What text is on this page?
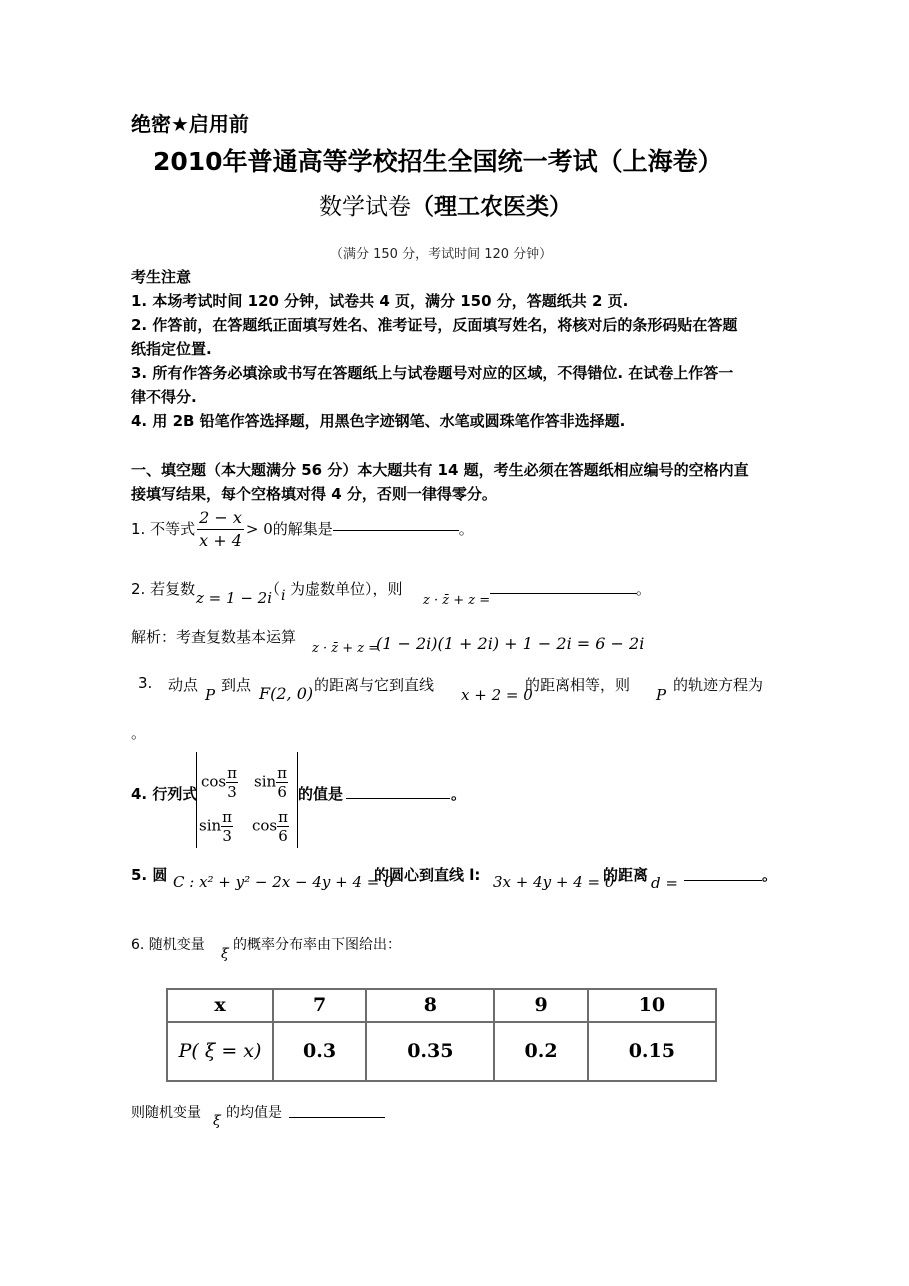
绝密★启用前
2010年普通高等学校招生全国统一考试（上海卷）
数学试卷（理工农医类）
（满分 150 分，考试时间 120 分钟）
考生注意
1. 本场考试时间 120 分钟，试卷共 4 页，满分 150 分，答题纸共 2 页.
2. 作答前，在答题纸正面填写姓名、准考证号，反面填写姓名，将核对后的条形码贴在答题
纸指定位置.
3. 所有作答务必填涂或书写在答题纸上与试卷题号对应的区域，不得错位. 在试卷上作答一
律不得分.
4. 用 2B 铅笔作答选择题，用黑色字迹钢笔、水笔或圆珠笔作答非选择题.
一、填空题（本大题满分 56 分）本大题共有 14 题，考生必须在答题纸相应编号的空格内直
接填写结果，每个空格填对得 4 分，否则一律得零分。
1. 不等式 $\frac{2 - x}{x + 4} > 0$的解集是	。
2. 若复数 z = 1 − 2i
（ i 为虚数单位），则
z · z̄ + z =
。
解析：考查复数基本运算
z · z̄ + z =
(1 − 2i)(1 + 2i) + 1 − 2i = 6 − 2i
3. 动点
P
到点 F(2, 0) 的距离与它到直线
x + 2 = 0
的距离相等，则
P
的轨迹方程为
。
4. 行列式
$\cos \frac{\pi}{3}$ $\sin \frac{\pi}{6}$
$\sin \frac{\pi}{3}$ $\cos \frac{\pi}{6}$
的值是	。
5. 圆 C : x² + y² − 2x − 4y + 4 = 0
的圆心到直线 l: 3x + 4y + 4 = 0
的距离 d =	。
6. 随机变量
ξ
的概率分布率由下图给出：
x	7	8	9	10
P( ξ = x)	0.3	0.35	0.2	0.15
则随机变量 ξ 的均值是
